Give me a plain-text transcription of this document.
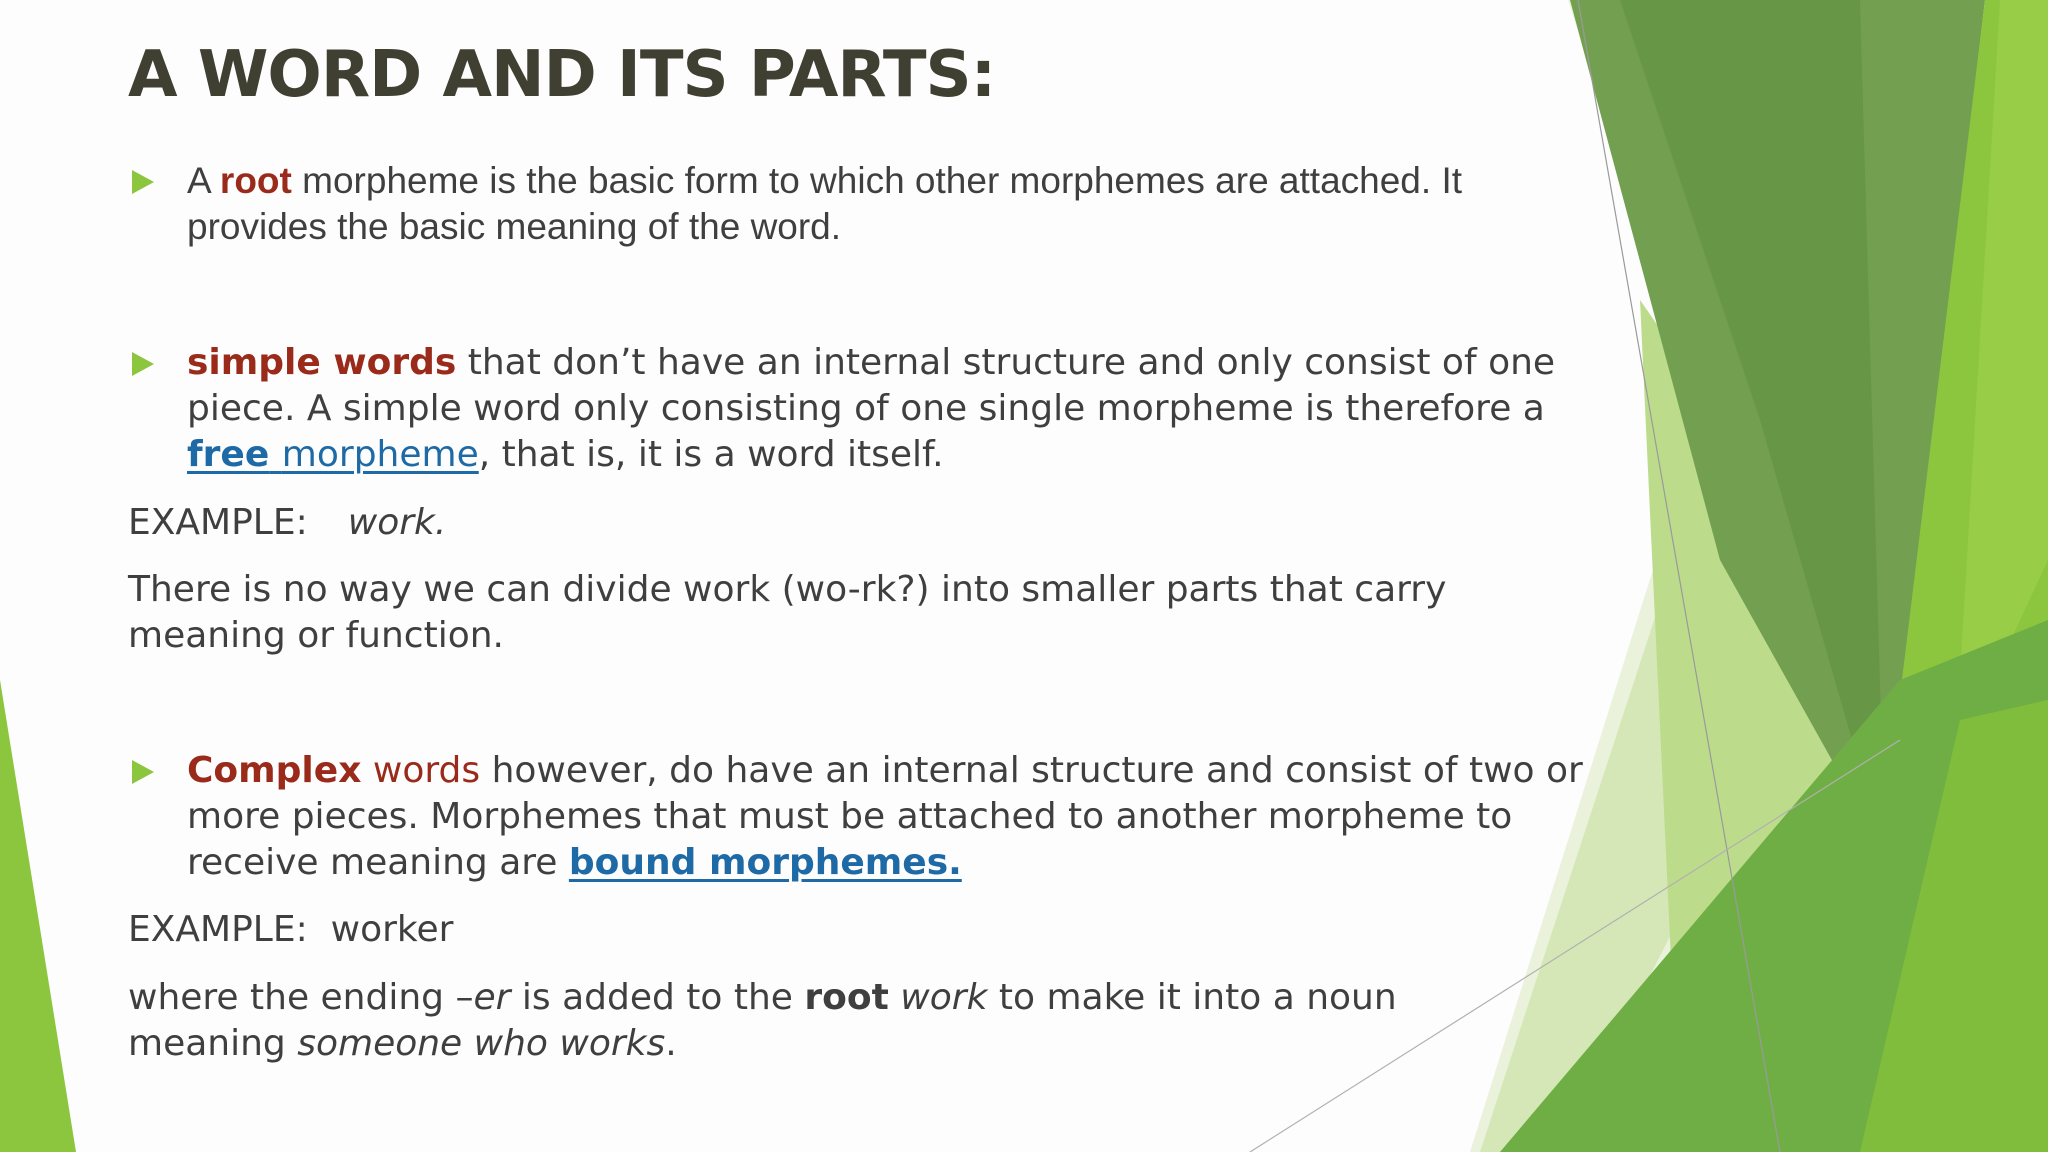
A WORD AND ITS PARTS:
A root morpheme is the basic form to which other morphemes are attached. It provides the basic meaning of the word.
simple words that don’t have an internal structure and only consist of one piece. A simple word only consisting of one single morpheme is therefore a free morpheme, that is, it is a word itself.
EXAMPLE: work.
There is no way we can divide work (wo-rk?) into smaller parts that carry meaning or function.
Complex words however, do have an internal structure and consist of two or more pieces. Morphemes that must be attached to another morpheme to receive meaning are bound morphemes.
EXAMPLE: worker
where the ending –er is added to the root work to make it into a noun meaning someone who works.
